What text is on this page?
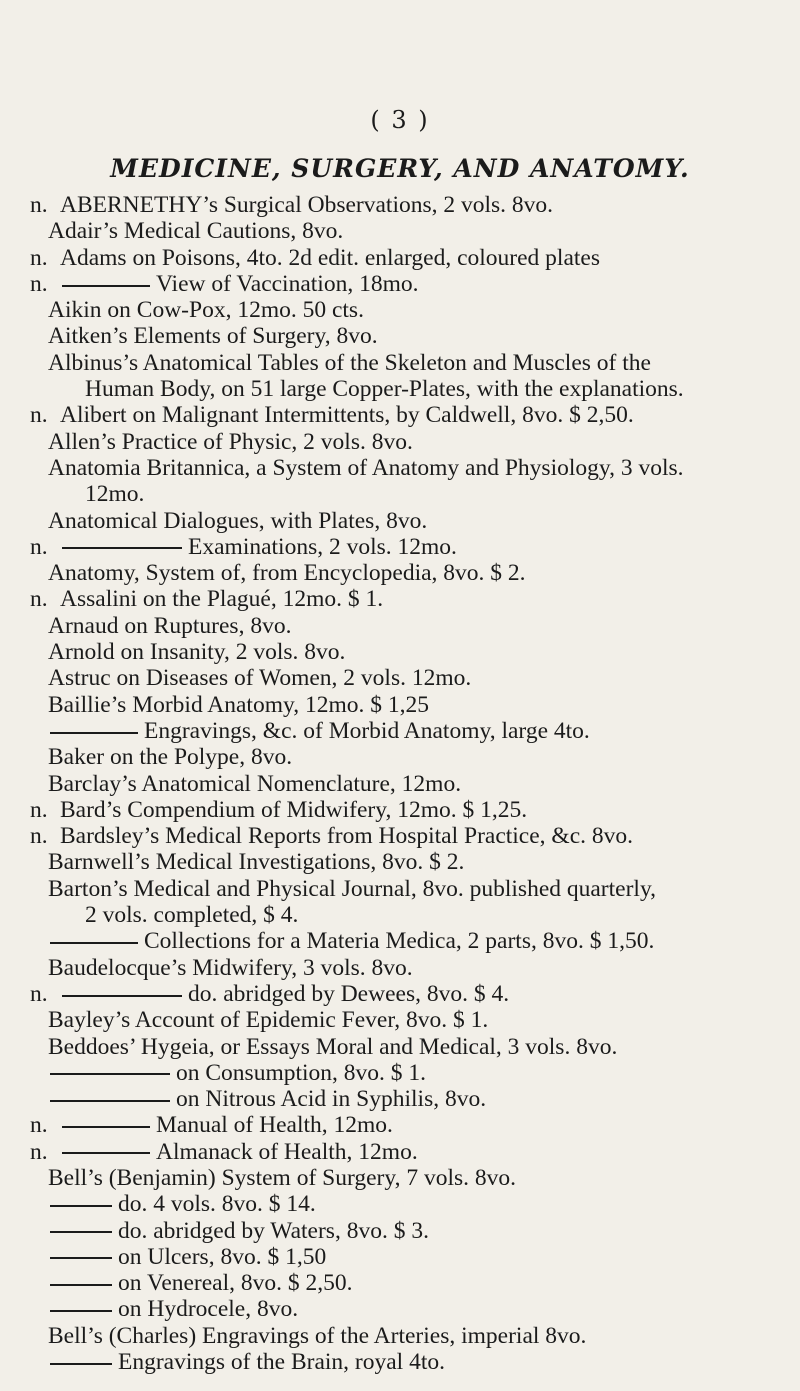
( 3 )
MEDICINE, SURGERY, AND ANATOMY.
n. ABERNETHY’s Surgical Observations, 2 vols. 8vo.
Adair’s Medical Cautions, 8vo.
n. Adams on Poisons, 4to. 2d edit. enlarged, coloured plates
n.	View of Vaccination, 18mo.
Aikin on Cow-Pox, 12mo. 50 cts.
Aitken’s Elements of Surgery, 8vo.
Albinus’s Anatomical Tables of the Skeleton and Muscles of the
Human Body, on 51 large Copper-Plates, with the explanations.
n. Alibert on Malignant Intermittents, by Caldwell, 8vo. $ 2,50.
Allen’s Practice of Physic, 2 vols. 8vo.
Anatomia Britannica, a System of Anatomy and Physiology, 3 vols.
12mo.
Anatomical Dialogues, with Plates, 8vo.
n.	Examinations, 2 vols. 12mo.
Anatomy, System of, from Encyclopedia, 8vo. $ 2.
n. Assalini on the Plagué, 12mo. $ 1.
Arnaud on Ruptures, 8vo.
Arnold on Insanity, 2 vols. 8vo.
Astruc on Diseases of Women, 2 vols. 12mo.
Baillie’s Morbid Anatomy, 12mo. $ 1,25
Engravings, &c. of Morbid Anatomy, large 4to.
Baker on the Polype, 8vo.
Barclay’s Anatomical Nomenclature, 12mo.
n. Bard’s Compendium of Midwifery, 12mo. $ 1,25.
n. Bardsley’s Medical Reports from Hospital Practice, &c. 8vo.
Barnwell’s Medical Investigations, 8vo. $ 2.
Barton’s Medical and Physical Journal, 8vo. published quarterly,
2 vols. completed, $ 4.
Collections for a Materia Medica, 2 parts, 8vo. $ 1,50.
Baudelocque’s Midwifery, 3 vols. 8vo.
n.	do. abridged by Dewees, 8vo. $ 4.
Bayley’s Account of Epidemic Fever, 8vo. $ 1.
Beddoes’ Hygeia, or Essays Moral and Medical, 3 vols. 8vo.
on Consumption, 8vo. $ 1.
on Nitrous Acid in Syphilis, 8vo.
n.	Manual of Health, 12mo.
n.	Almanack of Health, 12mo.
Bell’s (Benjamin) System of Surgery, 7 vols. 8vo.
do. 4 vols. 8vo. $ 14.
do. abridged by Waters, 8vo. $ 3.
on Ulcers, 8vo. $ 1,50
on Venereal, 8vo. $ 2,50.
on Hydrocele, 8vo.
Bell’s (Charles) Engravings of the Arteries, imperial 8vo.
Engravings of the Brain, royal 4to.
